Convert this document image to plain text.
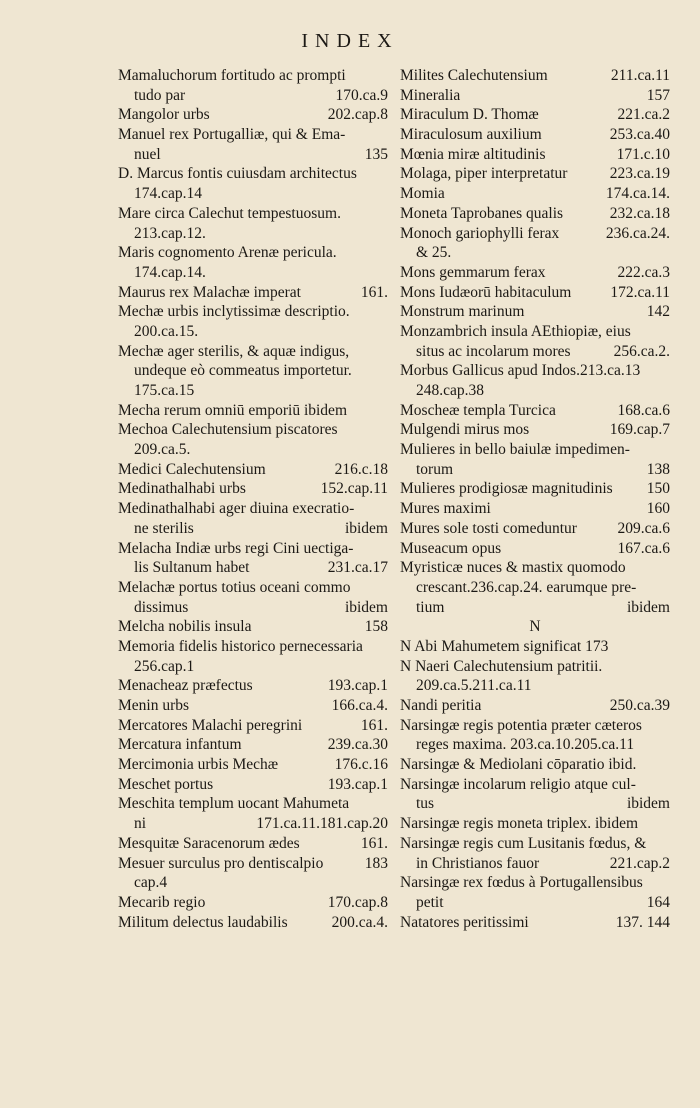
INDEX
Mamaluchorum fortitudo ac prompti
tudo par	170.ca.9
Mangolor urbs	202.cap.8
Manuel rex Portugalliæ, qui & Ema-
nuel	135
D. Marcus fontis cuiusdam architectus
174.cap.14
Mare circa Calechut tempestuosum.
213.cap.12.
Maris cognomento Arenæ pericula.
174.cap.14.
Maurus rex Malachæ imperat	161.
Mechæ urbis inclytissimæ descriptio.
200.ca.15.
Mechæ ager sterilis, & aquæ indigus,
undeque eò commeatus importetur.
175.ca.15
Mecha rerum omniū emporiū ibidem
Mechoa Calechutensium piscatores
209.ca.5.
Medici Calechutensium	216.c.18
Medinathalhabi urbs	152.cap.11
Medinathalhabi ager diuina execratio-
ne sterilis	ibidem
Melacha Indiæ urbs regi Cini uectiga-
lis Sultanum habet	231.ca.17
Melachæ portus totius oceani commo
dissimus	ibidem
Melcha nobilis insula	158
Memoria fidelis historico pernecessaria
256.cap.1
Menacheaz præfectus	193.cap.1
Menin urbs	166.ca.4.
Mercatores Malachi peregrini	161.
Mercatura infantum	239.ca.30
Mercimonia urbis Mechæ	176.c.16
Meschet portus	193.cap.1
Meschita templum uocant Mahumeta
ni	171.ca.11.181.cap.20
Mesquitæ Saracenorum ædes	161.
Mesuer surculus pro dentiscalpio	183
cap.4
Mecarib regio	170.cap.8
Militum delectus laudabilis	200.ca.4.
Milites Calechutensium	211.ca.11
Mineralia	157
Miraculum D. Thomæ	221.ca.2
Miraculosum auxilium	253.ca.40
Mœnia miræ altitudinis	171.c.10
Molaga, piper interpretatur	223.ca.19
Momia	174.ca.14.
Moneta Taprobanes qualis	232.ca.18
Monoch gariophylli ferax	236.ca.24.
& 25.
Mons gemmarum ferax	222.ca.3
Mons Iudæorū habitaculum	172.ca.11
Monstrum marinum	142
Monzambrich insula AEthiopiæ, eius
situs ac incolarum mores	256.ca.2.
Morbus Gallicus apud Indos.213.ca.13
248.cap.38
Moscheæ templa Turcica	168.ca.6
Mulgendi mirus mos	169.cap.7
Mulieres in bello baiulæ impedimen-
torum	138
Mulieres prodigiosæ magnitudinis 150
Mures maximi	160
Mures sole tosti comeduntur	209.ca.6
Museacum opus	167.ca.6
Myristicæ nuces & mastix quomodo
crescant.236.cap.24. earumque pre-
tium	ibidem
N
N Abi Mahumetem significat 173
N Naeri Calechutensium patritii.
209.ca.5.211.ca.11
Nandi peritia	250.ca.39
Narsingæ regis potentia præter cæteros
reges maxima. 203.ca.10.205.ca.11
Narsingæ & Mediolani cōparatio ibid.
Narsingæ incolarum religio atque cul-
tus	ibidem
Narsingæ regis moneta triplex. ibidem
Narsingæ regis cum Lusitanis fœdus, &
in Christianos fauor	221.cap.2
Narsingæ rex fœdus à Portugallensibus
petit	164
Natatores peritissimi	137. 144
